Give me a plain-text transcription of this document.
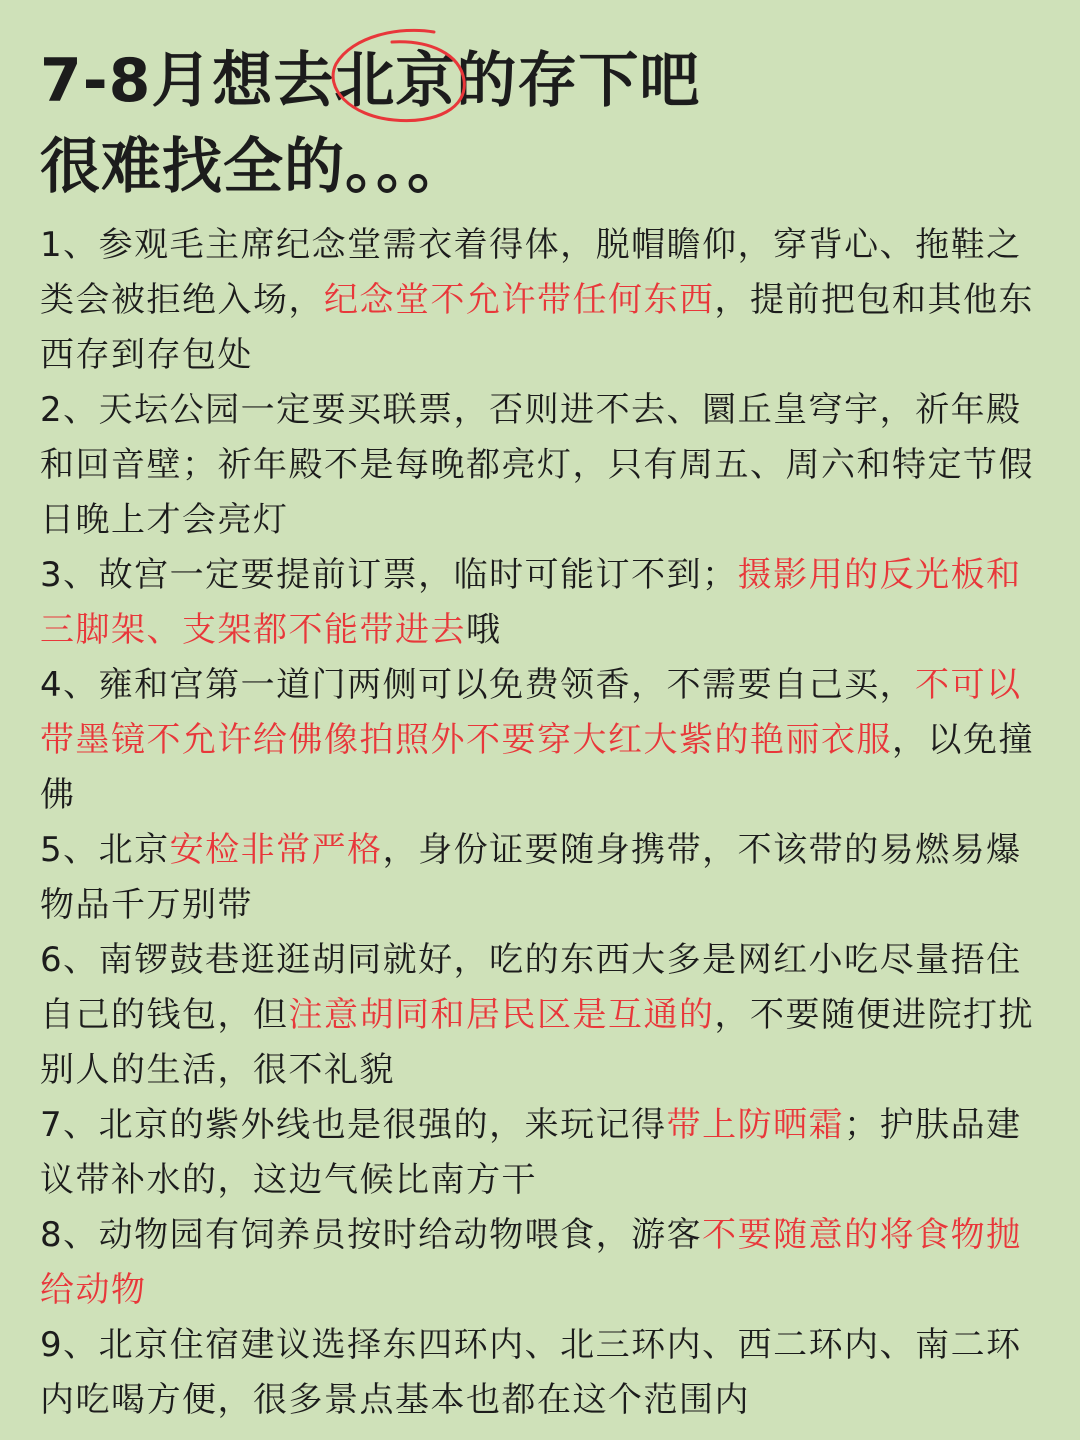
7-8月想去北京
的存下吧
很难找全的。。。

1、参观毛主席纪念堂需衣着得体，脱帽瞻仰，穿背心、拖鞋之类会被拒绝入场，纪念堂不允许带任何东西，提前把包和其他东西存到存包处

2、天坛公园一定要买联票，否则进不去、圜丘皇穹宇，祈年殿和回音壁；祈年殿不是每晚都亮灯，只有周五、周六和特定节假日晚上才会亮灯

3、故宫一定要提前订票，临时可能订不到；摄影用的反光板和三脚架、支架都不能带进去哦

4、雍和宫第一道门两侧可以免费领香，不需要自己买，不可以带墨镜不允许给佛像拍照外不要穿大红大紫的艳丽衣服，以免撞佛

5、北京安检非常严格，身份证要随身携带，不该带的易燃易爆物品千万别带

6、南锣鼓巷逛逛胡同就好，吃的东西大多是网红小吃尽量捂住自己的钱包，但注意胡同和居民区是互通的，不要随便进院打扰别人的生活，很不礼貌

7、北京的紫外线也是很强的，来玩记得带上防晒霜；护肤品建议带补水的，这边气候比南方干

8、动物园有饲养员按时给动物喂食，游客不要随意的将食物抛给动物

9、北京住宿建议选择东四环内、北三环内、西二环内、南二环内吃喝方便，很多景点基本也都在这个范围内
